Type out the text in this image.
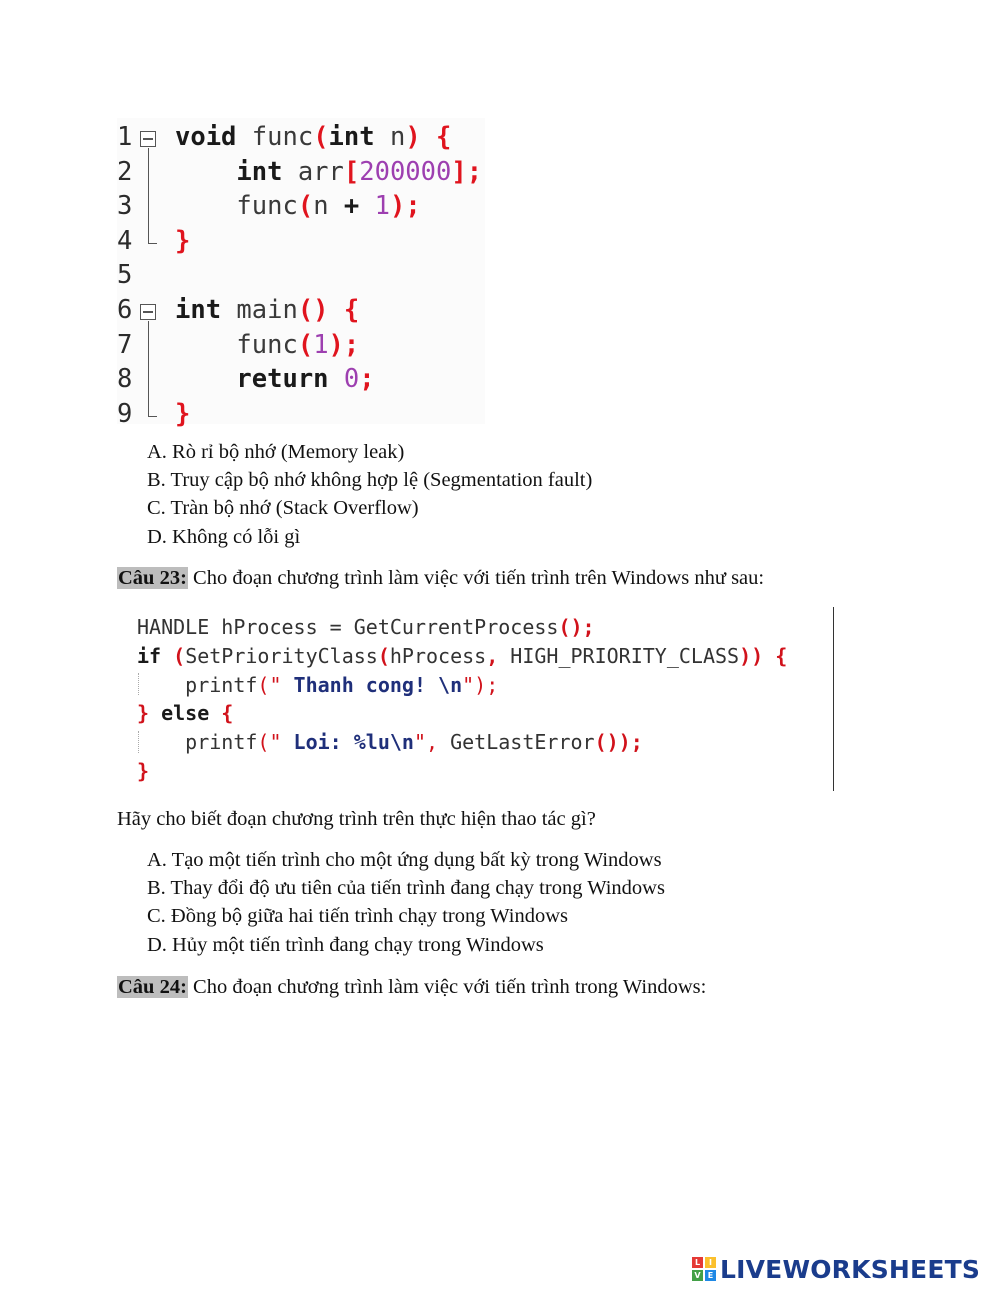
1 void func(int n) {
2 int arr[200000];
3 func(n + 1);
4 }
5
6 int main() {
7 func(1);
8 return 0;
9 }
A. Rò rỉ bộ nhớ (Memory leak)
B. Truy cập bộ nhớ không hợp lệ (Segmentation fault)
C. Tràn bộ nhớ (Stack Overflow)
D. Không có lỗi gì
Câu 23: Cho đoạn chương trình làm việc với tiến trình trên Windows như sau:
HANDLE hProcess = GetCurrentProcess();
if (SetPriorityClass(hProcess, HIGH_PRIORITY_CLASS)) {
printf(" Thanh cong! \n");
} else {
printf(" Loi: %lu\n", GetLastError());
}
Hãy cho biết đoạn chương trình trên thực hiện thao tác gì?
A. Tạo một tiến trình cho một ứng dụng bất kỳ trong Windows
B. Thay đổi độ ưu tiên của tiến trình đang chạy trong Windows
C. Đồng bộ giữa hai tiến trình chạy trong Windows
D. Hủy một tiến trình đang chạy trong Windows
Câu 24: Cho đoạn chương trình làm việc với tiến trình trong Windows:
L	I
V E LIVEWORKSHEETS
